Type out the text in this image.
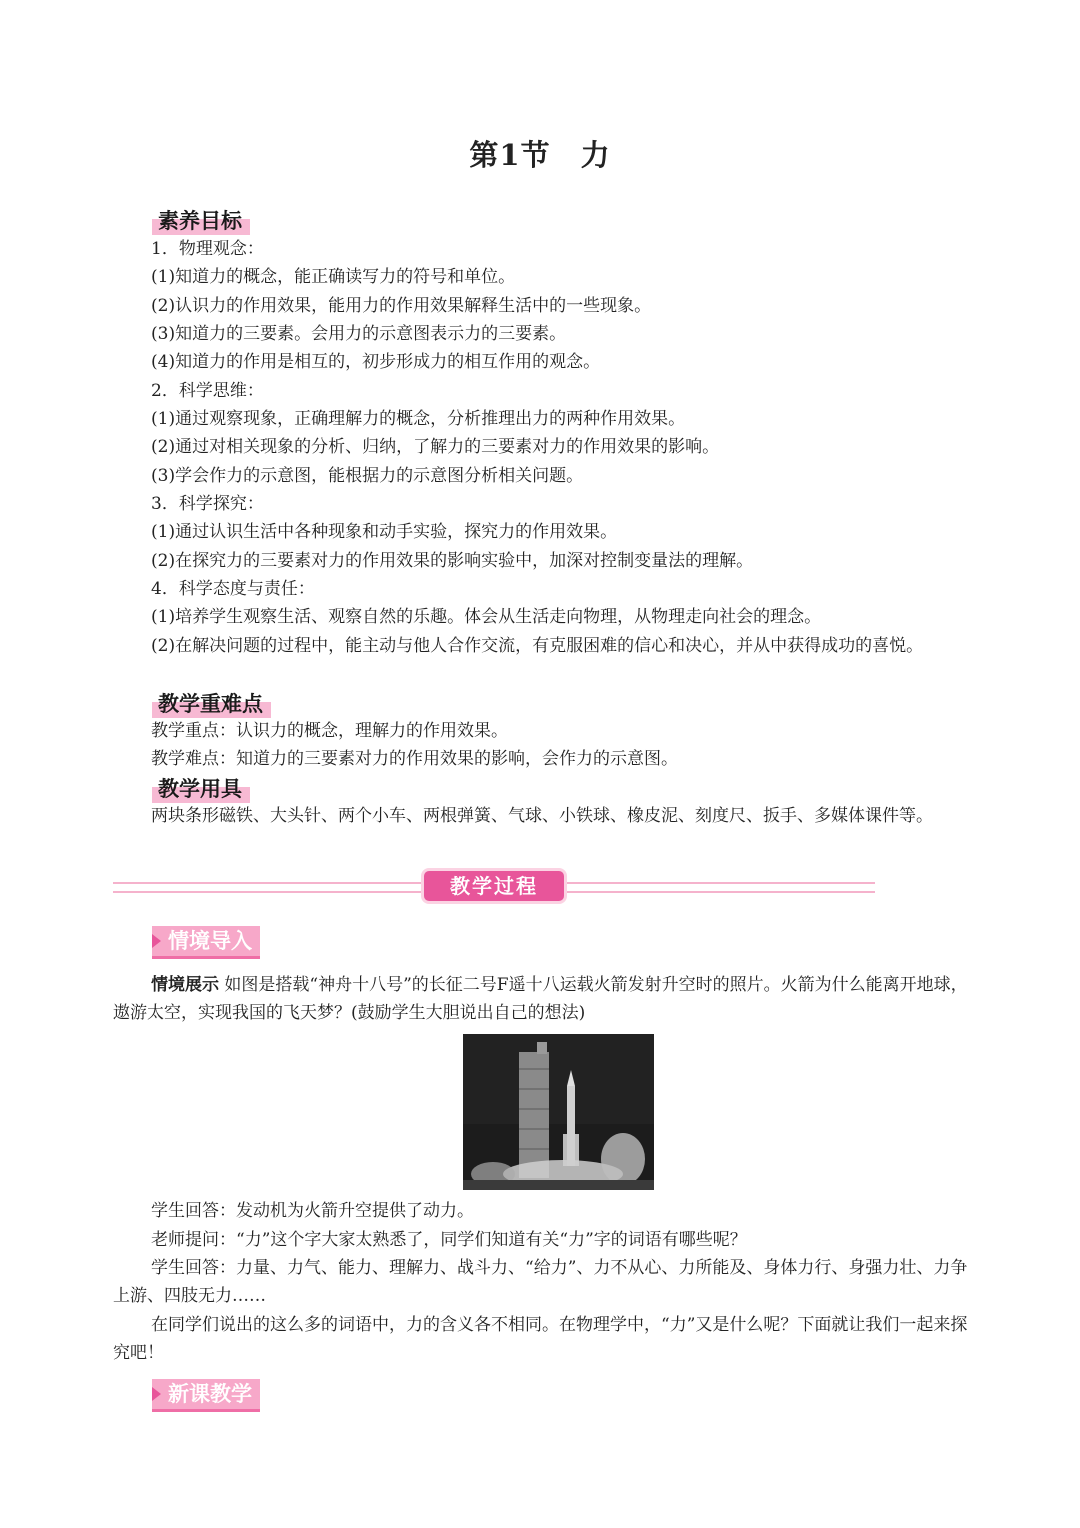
第1节　力
素养目标
1．物理观念：
(1)知道力的概念，能正确读写力的符号和单位。
(2)认识力的作用效果，能用力的作用效果解释生活中的一些现象。
(3)知道力的三要素。会用力的示意图表示力的三要素。
(4)知道力的作用是相互的，初步形成力的相互作用的观念。
2．科学思维：
(1)通过观察现象，正确理解力的概念，分析推理出力的两种作用效果。
(2)通过对相关现象的分析、归纳，了解力的三要素对力的作用效果的影响。
(3)学会作力的示意图，能根据力的示意图分析相关问题。
3．科学探究：
(1)通过认识生活中各种现象和动手实验，探究力的作用效果。
(2)在探究力的三要素对力的作用效果的影响实验中，加深对控制变量法的理解。
4．科学态度与责任：
(1)培养学生观察生活、观察自然的乐趣。体会从生活走向物理，从物理走向社会的理念。
(2)在解决问题的过程中，能主动与他人合作交流，有克服困难的信心和决心，并从中获得成功的喜悦。
教学重难点
教学重点：认识力的概念，理解力的作用效果。
教学难点：知道力的三要素对力的作用效果的影响，会作力的示意图。
教学用具
两块条形磁铁、大头针、两个小车、两根弹簧、气球、小铁球、橡皮泥、刻度尺、扳手、多媒体课件等。
教学过程
情境导入
情境展示 如图是搭载“神舟十八号”的长征二号F遥十八运载火箭发射升空时的照片。火箭为什么能离开地球，遨游太空，实现我国的飞天梦？(鼓励学生大胆说出自己的想法)
学生回答：发动机为火箭升空提供了动力。
老师提问：“力”这个字大家太熟悉了，同学们知道有关“力”字的词语有哪些呢？
学生回答：力量、力气、能力、理解力、战斗力、“给力”、力不从心、力所能及、身体力行、身强力壮、力争上游、四肢无力……
在同学们说出的这么多的词语中，力的含义各不相同。在物理学中，“力”又是什么呢？下面就让我们一起来探究吧！
新课教学
